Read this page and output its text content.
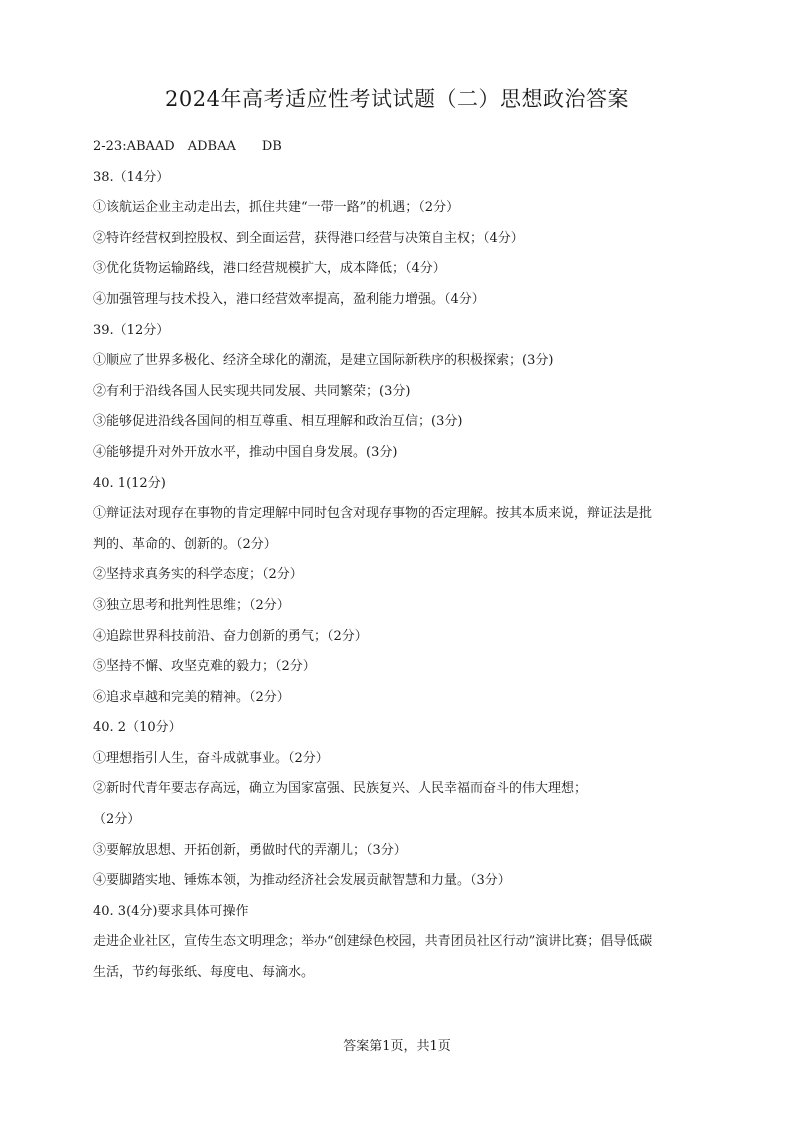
2024年高考适应性考试试题（二）思想政治答案
2-23:ABAAD　ADBAA　　DB
38.（14分）
①该航运企业主动走出去，抓住共建“一带一路”的机遇；（2分）
②特许经营权到控股权、到全面运营，获得港口经营与决策自主权；（4分）
③优化货物运输路线，港口经营规模扩大，成本降低；（4分）
④加强管理与技术投入，港口经营效率提高，盈利能力增强。（4分）
39.（12分）
①顺应了世界多极化、经济全球化的潮流，是建立国际新秩序的积极探索；(3分)
②有利于沿线各国人民实现共同发展、共同繁荣；(3分)
③能够促进沿线各国间的相互尊重、相互理解和政治互信；(3分)
④能够提升对外开放水平，推动中国自身发展。(3分)
40. 1(12分)
①辩证法对现存在事物的肯定理解中同时包含对现存事物的否定理解。按其本质来说，辩证法是批
判的、革命的、创新的。（2分）
②坚持求真务实的科学态度；（2分）
③独立思考和批判性思维；（2分）
④追踪世界科技前沿、奋力创新的勇气；（2分）
⑤坚持不懈、攻坚克难的毅力；（2分）
⑥追求卓越和完美的精神。（2分）
40. 2（10分）
①理想指引人生，奋斗成就事业。（2分）
②新时代青年要志存高远，确立为国家富强、民族复兴、人民幸福而奋斗的伟大理想；
（2分）
③要解放思想、开拓创新，勇做时代的弄潮儿；（3分）
④要脚踏实地、锤炼本领，为推动经济社会发展贡献智慧和力量。（3分）
40. 3(4分)要求具体可操作
走进企业社区，宣传生态文明理念；举办“创建绿色校园，共青团员社区行动”演讲比赛；倡导低碳
生活，节约每张纸、每度电、每滴水。
答案第1页，共1页
